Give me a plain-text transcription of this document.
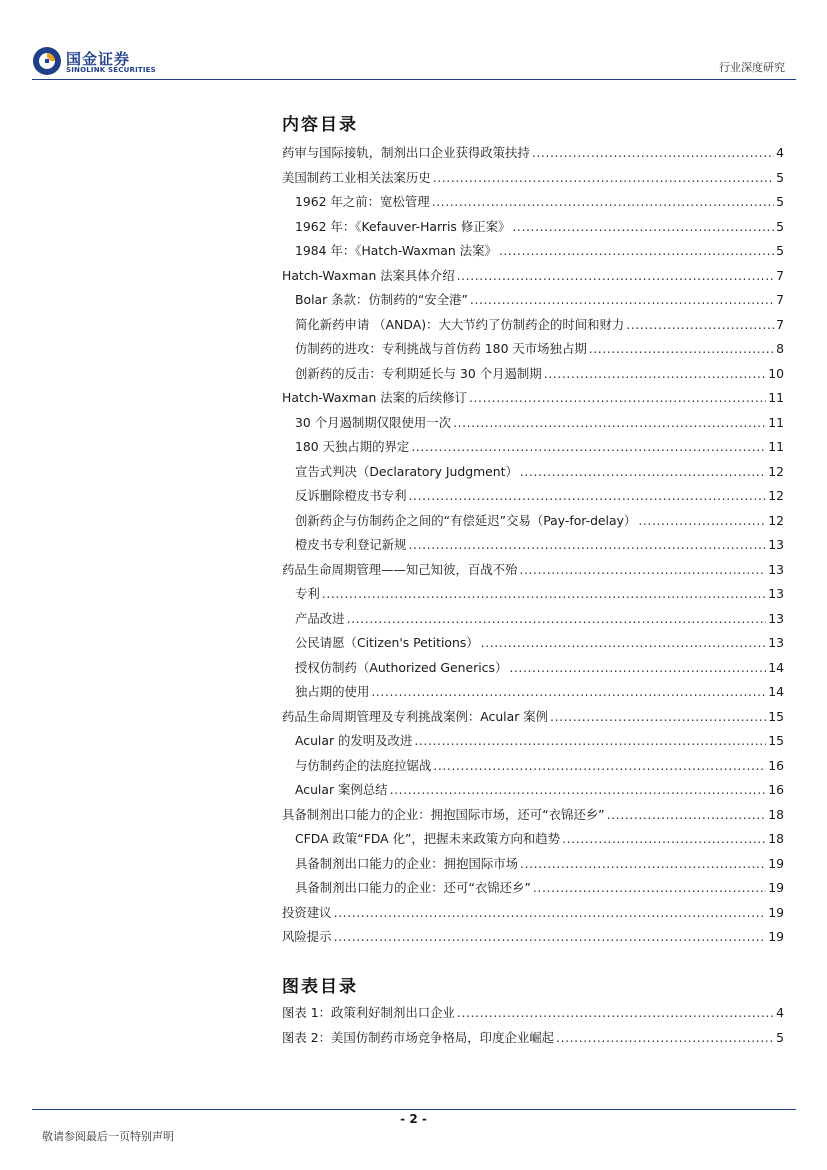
国金证券
SINOLINK SECURITIES	行业深度研究
内容目录
药审与国际接轨，制剂出口企业获得政策扶持 .....	4
美国制药工业相关法案历史 .....	5
1962 年之前：宽松管理 .....	5
1962 年：《Kefauver-Harris 修正案》 .....	5
1984 年：《Hatch-Waxman 法案》 .....	5
Hatch-Waxman 法案具体介绍 .....	7
Bolar 条款：仿制药的“安全港” .....	7
简化新药申请 （ANDA)：大大节约了仿制药企的时间和财力 .....	7
仿制药的进攻：专利挑战与首仿药 180 天市场独占期 .....	8
创新药的反击：专利期延长与 30 个月遏制期 .....	10
Hatch-Waxman 法案的后续修订 .....	11
30 个月遏制期仅限使用一次 .....	11
180 天独占期的界定 .....	11
宣告式判决（Declaratory Judgment） .....	12
反诉删除橙皮书专利 .....	12
创新药企与仿制药企之间的“有偿延迟”交易（Pay-for-delay） .....	12
橙皮书专利登记新规 .....	13
药品生命周期管理——知己知彼，百战不殆 .....	13
专利 .....	13
产品改进 .....	13
公民请愿（Citizen's Petitions） .....	13
授权仿制药（Authorized Generics） .....	14
独占期的使用 .....	14
药品生命周期管理及专利挑战案例：Acular 案例 .....	15
Acular 的发明及改进 .....	15
与仿制药企的法庭拉锯战 .....	16
Acular 案例总结 .....	16
具备制剂出口能力的企业：拥抱国际市场，还可“衣锦还乡” .....	18
CFDA 政策“FDA 化”，把握未来政策方向和趋势 .....	18
具备制剂出口能力的企业：拥抱国际市场 .....	19
具备制剂出口能力的企业：还可“衣锦还乡” .....	19
投资建议 .....	19
风险提示 .....	19
图表目录
图表 1：政策利好制剂出口企业 .....	4
图表 2：美国仿制药市场竞争格局，印度企业崛起 .....	5
- 2 -
敬请参阅最后一页特别声明
